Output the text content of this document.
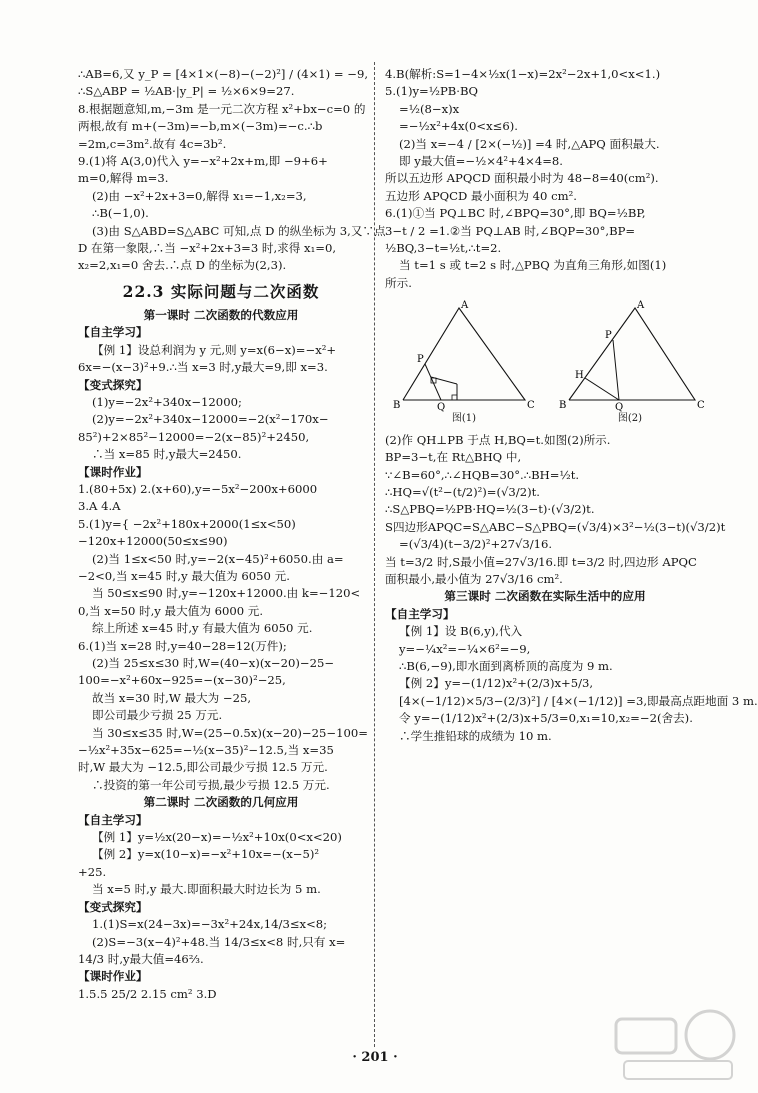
∴AB=6,又 y_P = [4×1×(−8)−(−2)²] / (4×1) = −9,
∴S△ABP = ½AB·|y_P| = ½×6×9=27.
8.根据题意知,m,−3m 是一元二次方程 x²+bx−c=0 的
两根,故有 m+(−3m)=−b,m×(−3m)=−c.∴b
=2m,c=3m².故有 4c=3b².
9.(1)将 A(3,0)代入 y=−x²+2x+m,即 −9+6+
m=0,解得 m=3.
(2)由 −x²+2x+3=0,解得 x₁=−1,x₂=3,
∴B(−1,0).
(3)由 S△ABD=S△ABC 可知,点 D 的纵坐标为 3,又∵点
D 在第一象限,∴当 −x²+2x+3=3 时,求得 x₁=0,
x₂=2,x₁=0 舍去.∴点 D 的坐标为(2,3).
22.3 实际问题与二次函数
第一课时 二次函数的代数应用
【自主学习】
【例 1】设总利润为 y 元,则 y=x(6−x)=−x²+
6x=−(x−3)²+9.∴当 x=3 时,y最大=9,即 x=3.
【变式探究】
(1)y=−2x²+340x−12000;
(2)y=−2x²+340x−12000=−2(x²−170x−
85²)+2×85²−12000=−2(x−85)²+2450,
∴当 x=85 时,y最大=2450.
【课时作业】
1.(80+5x) 2.(x+60),y=−5x²−200x+6000
3.A 4.A
5.(1)y={ −2x²+180x+2000(1≤x<50)
−120x+12000(50≤x≤90)
(2)当 1≤x<50 时,y=−2(x−45)²+6050.由 a=
−2<0,当 x=45 时,y 最大值为 6050 元.
当 50≤x≤90 时,y=−120x+12000.由 k=−120<
0,当 x=50 时,y 最大值为 6000 元.
综上所述 x=45 时,y 有最大值为 6050 元.
6.(1)当 x=28 时,y=40−28=12(万件);
(2)当 25≤x≤30 时,W=(40−x)(x−20)−25−
100=−x²+60x−925=−(x−30)²−25,
故当 x=30 时,W 最大为 −25,
即公司最少亏损 25 万元.
当 30≤x≤35 时,W=(25−0.5x)(x−20)−25−100=
−½x²+35x−625=−½(x−35)²−12.5,当 x=35
时,W 最大为 −12.5,即公司最少亏损 12.5 万元.
∴投资的第一年公司亏损,最少亏损 12.5 万元.
第二课时 二次函数的几何应用
【自主学习】
【例 1】y=½x(20−x)=−½x²+10x(0<x<20)
【例 2】y=x(10−x)=−x²+10x=−(x−5)²
+25.
当 x=5 时,y 最大.即面积最大时边长为 5 m.
【变式探究】
1.(1)S=x(24−3x)=−3x²+24x,14/3≤x<8;
(2)S=−3(x−4)²+48.当 14/3≤x<8 时,只有 x=
14/3 时,y最大值=46⅔.
【课时作业】
1.5.5 25/2 2.15 cm² 3.D
4.B(解析:S=1−4×½x(1−x)=2x²−2x+1,0<x<1.)
5.(1)y=½PB·BQ
=½(8−x)x
=−½x²+4x(0<x≤6).
(2)当 x=−4 / [2×(−½)] =4 时,△APQ 面积最大.
即 y最大值=−½×4²+4×4=8.
所以五边形 APQCD 面积最小时为 48−8=40(cm²).
五边形 APQCD 最小面积为 40 cm².
6.(1)①当 PQ⊥BC 时,∠BPQ=30°,即 BQ=½BP,
3−t / 2 =1.②当 PQ⊥AB 时,∠BQP=30°,BP=
½BQ,3−t=½t,∴t=2.
当 t=1 s 或 t=2 s 时,△PBQ 为直角三角形,如图(1)
所示.
A
B	C
P
Q
图(1)
A
B	C
P
Q
H
图(2)
(2)作 QH⊥PB 于点 H,BQ=t.如图(2)所示.
BP=3−t,在 Rt△BHQ 中,
∵∠B=60°,∴∠HQB=30°.∴BH=½t.
∴HQ=√(t²−(t/2)²)=(√3/2)t.
∴S△PBQ=½PB·HQ=½(3−t)·(√3/2)t.
S四边形APQC=S△ABC−S△PBQ=(√3/4)×3²−½(3−t)(√3/2)t
=(√3/4)(t−3/2)²+27√3/16.
当 t=3/2 时,S最小值=27√3/16.即 t=3/2 时,四边形 APQC
面积最小,最小值为 27√3/16 cm².
第三课时 二次函数在实际生活中的应用
【自主学习】
【例 1】设 B(6,y),代入
y=−¼x²=−¼×6²=−9,
∴B(6,−9),即水面到离桥顶的高度为 9 m.
【例 2】y=−(1/12)x²+(2/3)x+5/3,
[4×(−1/12)×5/3−(2/3)²] / [4×(−1/12)] =3,即最高点距地面 3 m.
令 y=−(1/12)x²+(2/3)x+5/3=0,x₁=10,x₂=−2(舍去).
∴学生推铅球的成绩为 10 m.
· 201 ·
